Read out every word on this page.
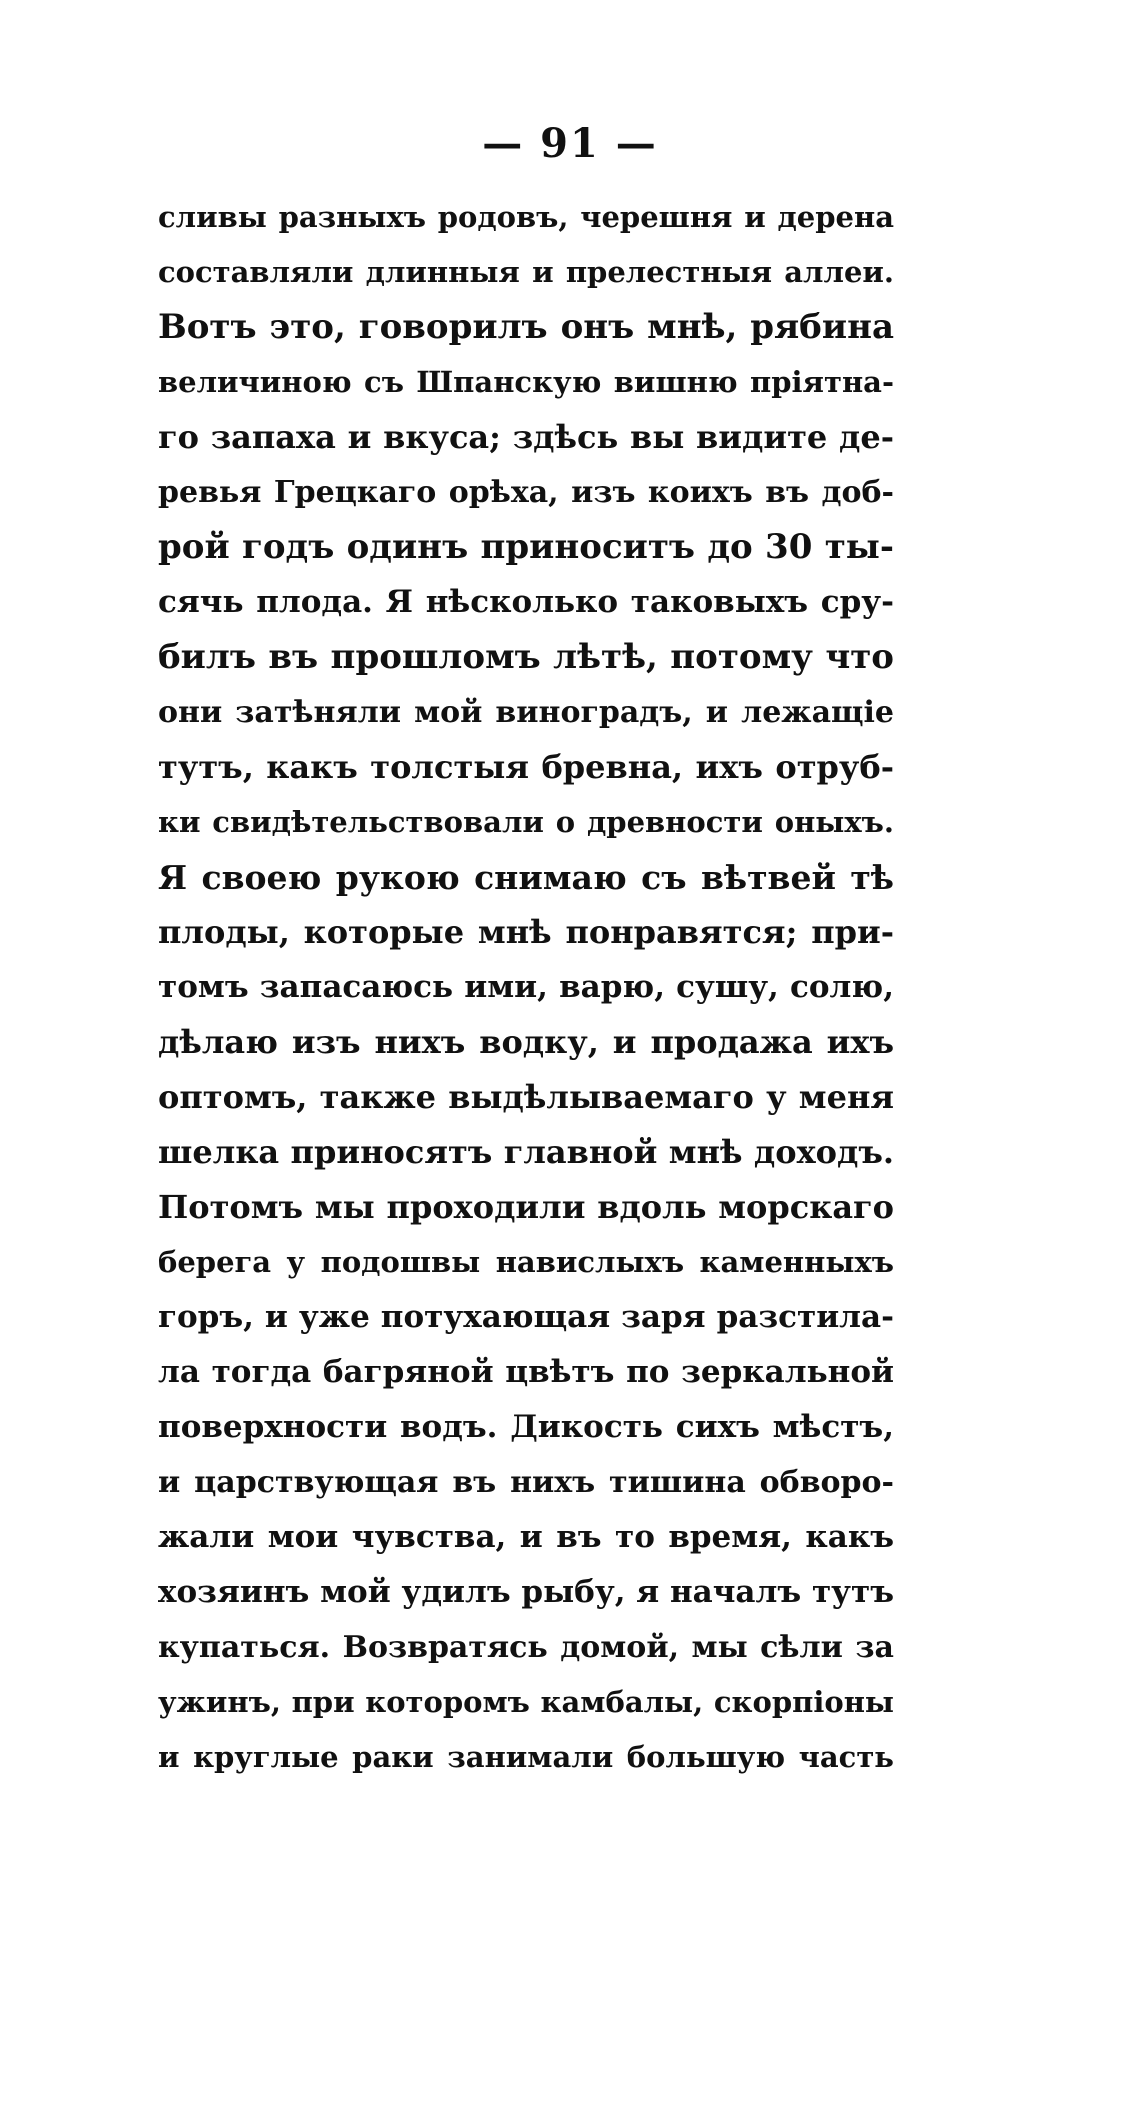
— 91 —
сливы разныхъ родовъ, черешня и дерена
составляли длинныя и прелестныя аллеи.
Вотъ это, говорилъ онъ мнѣ, рябина
величиною съ Шпанскую вишню пріятна-
го запаха и вкуса; здѣсь вы видите де-
ревья Грецкаго орѣха, изъ коихъ въ доб-
рой годъ одинъ приноситъ до 30 ты-
сячь плода. Я нѣсколько таковыхъ сру-
билъ въ прошломъ лѣтѣ, потому что
они затѣняли мой виноградъ, и лежащіе
тутъ, какъ толстыя бревна, ихъ отруб-
ки свидѣтельствовали о древности оныхъ.
Я своею рукою снимаю съ вѣтвей тѣ
плоды, которые мнѣ понравятся; при-
томъ запасаюсь ими, варю, сушу, солю,
дѣлаю изъ нихъ водку, и продажа ихъ
оптомъ, также выдѣлываемаго у меня
шелка приносятъ главной мнѣ доходъ.
Потомъ мы проходили вдоль морскаго
берега у подошвы навислыхъ каменныхъ
горъ, и уже потухающая заря разстила-
ла тогда багряной цвѣтъ по зеркальной
поверхности водъ. Дикость сихъ мѣстъ,
и царствующая въ нихъ тишина обворо-
жали мои чувства, и въ то время, какъ
хозяинъ мой удилъ рыбу, я началъ тутъ
купаться. Возвратясь домой, мы сѣли за
ужинъ, при которомъ камбалы, скорпіоны
и круглые раки занимали большую часть
